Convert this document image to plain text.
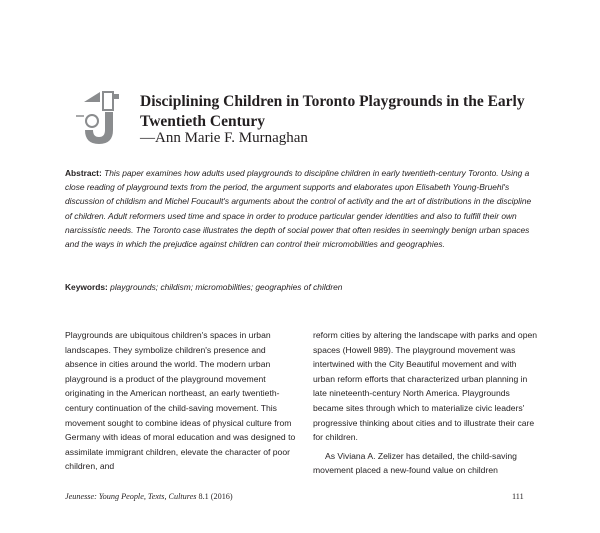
Disciplining Children in Toronto Playgrounds in the Early Twentieth Century
—Ann Marie F. Murnaghan
Abstract: This paper examines how adults used playgrounds to discipline children in early twentieth-century Toronto. Using a close reading of playground texts from the period, the argument supports and elaborates upon Elisabeth Young-Bruehl's discussion of childism and Michel Foucault's arguments about the control of activity and the art of distributions in the discipline of children. Adult reformers used time and space in order to produce particular gender identities and also to fulfill their own narcissistic needs. The Toronto case illustrates the depth of social power that often resides in seemingly benign urban spaces and the ways in which the prejudice against children can control their micromobilities and geographies.
Keywords: playgrounds; childism; micromobilities; geographies of children

Playgrounds are ubiquitous children's spaces in urban landscapes. They symbolize children's presence and absence in cities around the world. The modern urban playground is a product of the playground movement originating in the American northeast, an early twentieth-century continuation of the child-saving movement. This movement sought to combine ideas of physical culture from Germany with ideas of moral education and was designed to assimilate immigrant children, elevate the character of poor children, and

reform cities by altering the landscape with parks and open spaces (Howell 989). The playground movement was intertwined with the City Beautiful movement and with urban reform efforts that characterized urban planning in late nineteenth-century North America. Playgrounds became sites through which to materialize civic leaders' progressive thinking about cities and to illustrate their care for children.

As Viviana A. Zelizer has detailed, the child-saving movement placed a new-found value on children

Jeunesse: Young People, Texts, Cultures 8.1 (2016)	111
